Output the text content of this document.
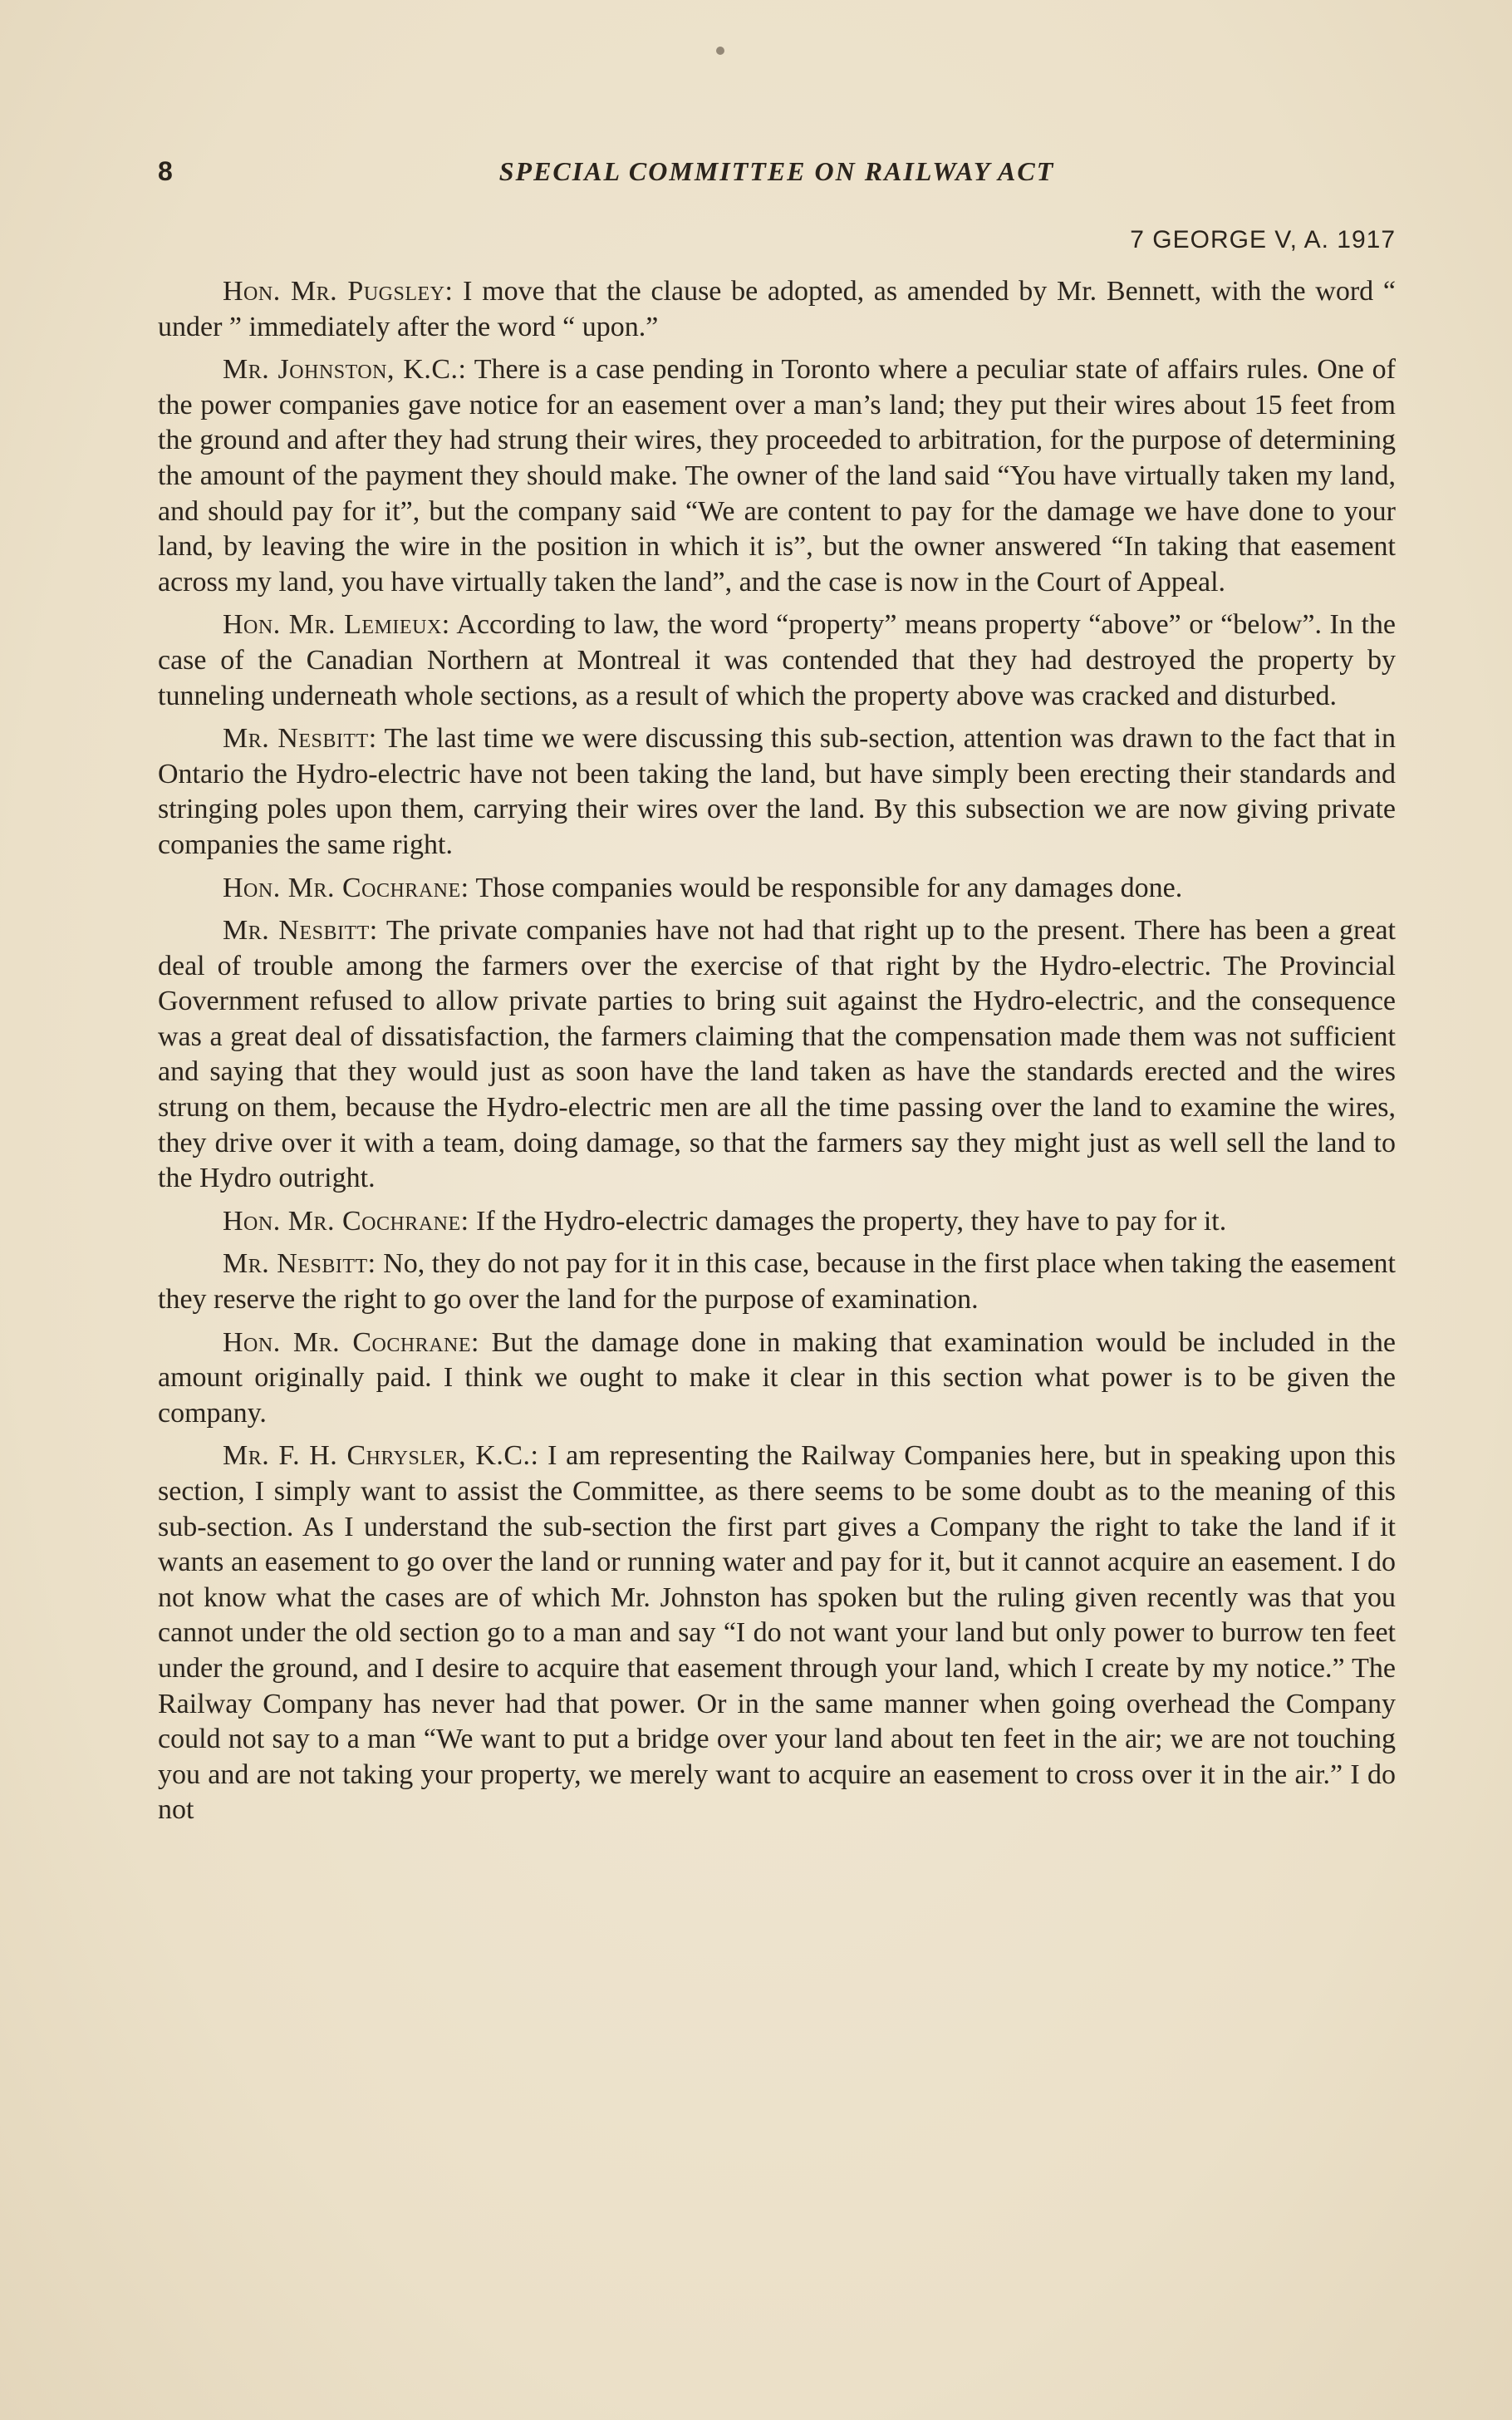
8	SPECIAL COMMITTEE ON RAILWAY ACT
7 GEORGE V, A. 1917

Hon. Mr. Pugsley: I move that the clause be adopted, as amended by Mr. Bennett, with the word “ under ” immediately after the word “ upon.”

Mr. Johnston, K.C.: There is a case pending in Toronto where a peculiar state of affairs rules. One of the power companies gave notice for an easement over a man’s land; they put their wires about 15 feet from the ground and after they had strung their wires, they proceeded to arbitration, for the purpose of determining the amount of the payment they should make. The owner of the land said “You have virtually taken my land, and should pay for it”, but the company said “We are content to pay for the damage we have done to your land, by leaving the wire in the position in which it is”, but the owner answered “In taking that easement across my land, you have virtually taken the land”, and the case is now in the Court of Appeal.

Hon. Mr. Lemieux: According to law, the word “property” means property “above” or “below”. In the case of the Canadian Northern at Montreal it was contended that they had destroyed the property by tunneling underneath whole sections, as a result of which the property above was cracked and disturbed.

Mr. Nesbitt: The last time we were discussing this sub-section, attention was drawn to the fact that in Ontario the Hydro-electric have not been taking the land, but have simply been erecting their standards and stringing poles upon them, carrying their wires over the land. By this subsection we are now giving private companies the same right.

Hon. Mr. Cochrane: Those companies would be responsible for any damages done.

Mr. Nesbitt: The private companies have not had that right up to the present. There has been a great deal of trouble among the farmers over the exercise of that right by the Hydro-electric. The Provincial Government refused to allow private parties to bring suit against the Hydro-electric, and the consequence was a great deal of dissatisfaction, the farmers claiming that the compensation made them was not sufficient and saying that they would just as soon have the land taken as have the standards erected and the wires strung on them, because the Hydro-electric men are all the time passing over the land to examine the wires, they drive over it with a team, doing damage, so that the farmers say they might just as well sell the land to the Hydro outright.

Hon. Mr. Cochrane: If the Hydro-electric damages the property, they have to pay for it.

Mr. Nesbitt: No, they do not pay for it in this case, because in the first place when taking the easement they reserve the right to go over the land for the purpose of examination.

Hon. Mr. Cochrane: But the damage done in making that examination would be included in the amount originally paid. I think we ought to make it clear in this section what power is to be given the company.

Mr. F. H. Chrysler, K.C.: I am representing the Railway Companies here, but in speaking upon this section, I simply want to assist the Committee, as there seems to be some doubt as to the meaning of this sub-section. As I understand the sub-section the first part gives a Company the right to take the land if it wants an easement to go over the land or running water and pay for it, but it cannot acquire an easement. I do not know what the cases are of which Mr. Johnston has spoken but the ruling given recently was that you cannot under the old section go to a man and say “I do not want your land but only power to burrow ten feet under the ground, and I desire to acquire that easement through your land, which I create by my notice.” The Railway Company has never had that power. Or in the same manner when going overhead the Company could not say to a man “We want to put a bridge over your land about ten feet in the air; we are not touching you and are not taking your property, we merely want to acquire an easement to cross over it in the air.” I do not
